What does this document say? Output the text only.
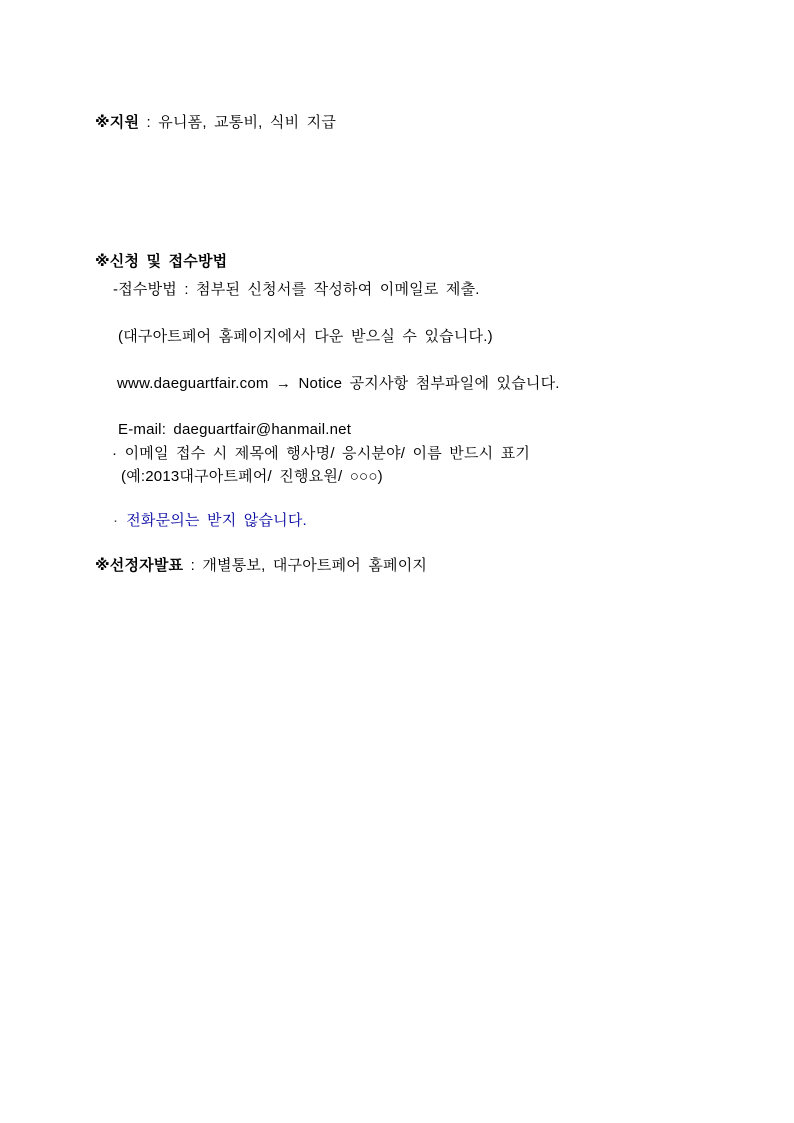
※지원 : 유니폼, 교통비, 식비 지급
※신청 및 접수방법
-접수방법 : 첨부된 신청서를 작성하여 이메일로 제출.
(대구아트페어 홈페이지에서 다운 받으실 수 있습니다.)
www.daeguartfair.com → Notice 공지사항 첨부파일에 있습니다.
E-mail: daeguartfair@hanmail.net
· 이메일 접수 시 제목에 행사명/ 응시분야/ 이름 반드시 표기
(예:2013대구아트페어/ 진행요원/ ○○○)
· 전화문의는 받지 않습니다.
※선정자발표 : 개별통보, 대구아트페어 홈페이지
